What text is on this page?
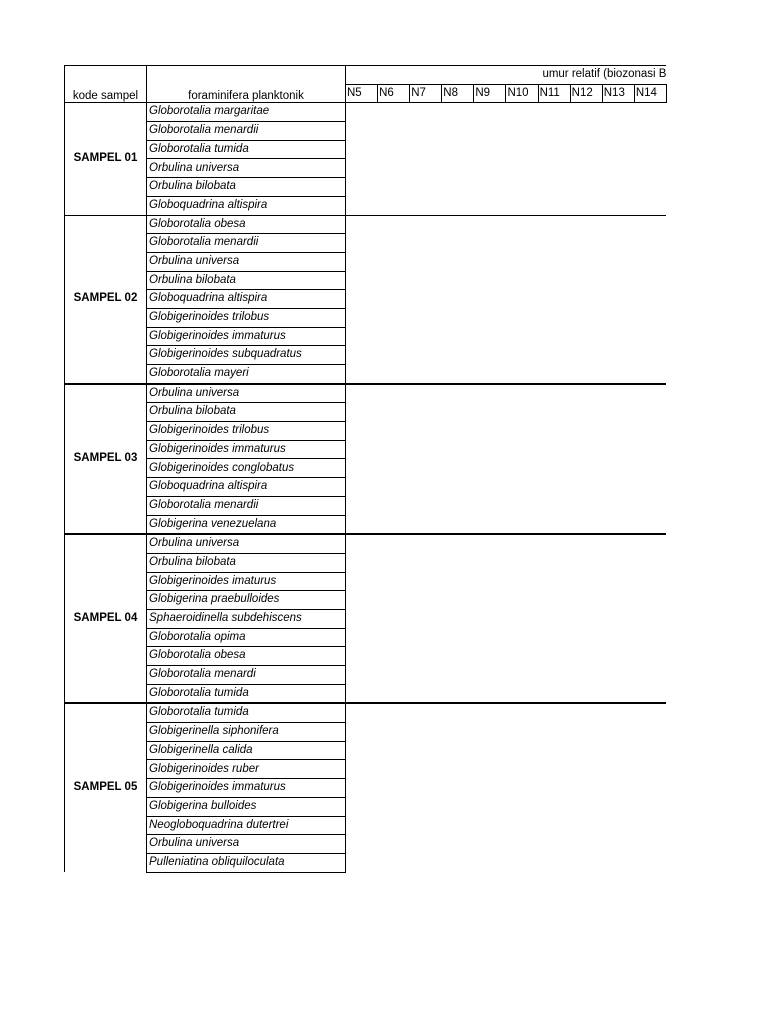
kode sampel	foraminifera planktonik	umur relatif (biozonasi B									
		N5	N6	N7	N8	N9	N10	N11	N12	N13	N14
SAMPEL 01	Globorotalia margaritae										
	Globorotalia menardii										
	Globorotalia tumida										
	Orbulina universa										
	Orbulina bilobata										
	Globoquadrina altispira										
SAMPEL 02	Globorotalia obesa										
	Globorotalia menardii										
	Orbulina universa										
	Orbulina bilobata										
	Globoquadrina altispira										
	Globigerinoides trilobus										
	Globigerinoides immaturus										
	Globigerinoides subquadratus										
	Globorotalia mayeri										
SAMPEL 03	Orbulina universa										
	Orbulina bilobata										
	Globigerinoides trilobus										
	Globigerinoides immaturus										
	Globigerinoides conglobatus										
	Globoquadrina altispira										
	Globorotalia menardii										
	Globigerina venezuelana										
SAMPEL 04	Orbulina universa										
	Orbulina bilobata										
	Globigerinoides imaturus										
	Globigerina praebulloides										
	Sphaeroidinella subdehiscens										
	Globorotalia opima										
	Globorotalia obesa										
	Globorotalia menardi										
	Globorotalia tumida										
SAMPEL 05	Globorotalia tumida										
	Globigerinella siphonifera										
	Globigerinella calida										
	Globigerinoides ruber										
	Globigerinoides immaturus										
	Globigerina bulloides										
	Neogloboquadrina dutertrei										
	Orbulina universa										
	Pulleniatina obliquiloculata										
